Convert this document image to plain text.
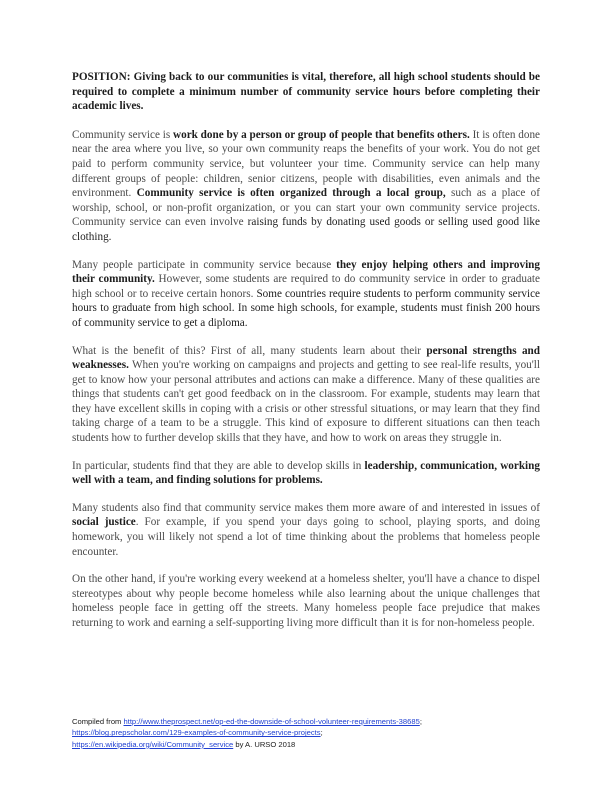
POSITION: Giving back to our communities is vital, therefore, all high school students should be required to complete a minimum number of community service hours before completing their academic lives.

Community service is work done by a person or group of people that benefits others. It is often done near the area where you live, so your own community reaps the benefits of your work. You do not get paid to perform community service, but volunteer your time. Community service can help many different groups of people: children, senior citizens, people with disabilities, even animals and the environment. Community service is often organized through a local group, such as a place of worship, school, or non-profit organization, or you can start your own community service projects. Community service can even involve raising funds by donating used goods or selling used good like clothing.

Many people participate in community service because they enjoy helping others and improving their community. However, some students are required to do community service in order to graduate high school or to receive certain honors. Some countries require students to perform community service hours to graduate from high school. In some high schools, for example, students must finish 200 hours of community service to get a diploma.

What is the benefit of this? First of all, many students learn about their personal strengths and weaknesses. When you're working on campaigns and projects and getting to see real-life results, you'll get to know how your personal attributes and actions can make a difference. Many of these qualities are things that students can't get good feedback on in the classroom. For example, students may learn that they have excellent skills in coping with a crisis or other stressful situations, or may learn that they find taking charge of a team to be a struggle. This kind of exposure to different situations can then teach students how to further develop skills that they have, and how to work on areas they struggle in.

In particular, students find that they are able to develop skills in leadership, communication, working well with a team, and finding solutions for problems.

Many students also find that community service makes them more aware of and interested in issues of social justice. For example, if you spend your days going to school, playing sports, and doing homework, you will likely not spend a lot of time thinking about the problems that homeless people encounter.

On the other hand, if you're working every weekend at a homeless shelter, you'll have a chance to dispel stereotypes about why people become homeless while also learning about the unique challenges that homeless people face in getting off the streets. Many homeless people face prejudice that makes returning to work and earning a self-supporting living more difficult than it is for non-homeless people.

Compiled from http://www.theprospect.net/op-ed-the-downside-of-school-volunteer-requirements-38685;
https://blog.prepscholar.com/129-examples-of-community-service-projects;
https://en.wikipedia.org/wiki/Community_service by A. URSO 2018
